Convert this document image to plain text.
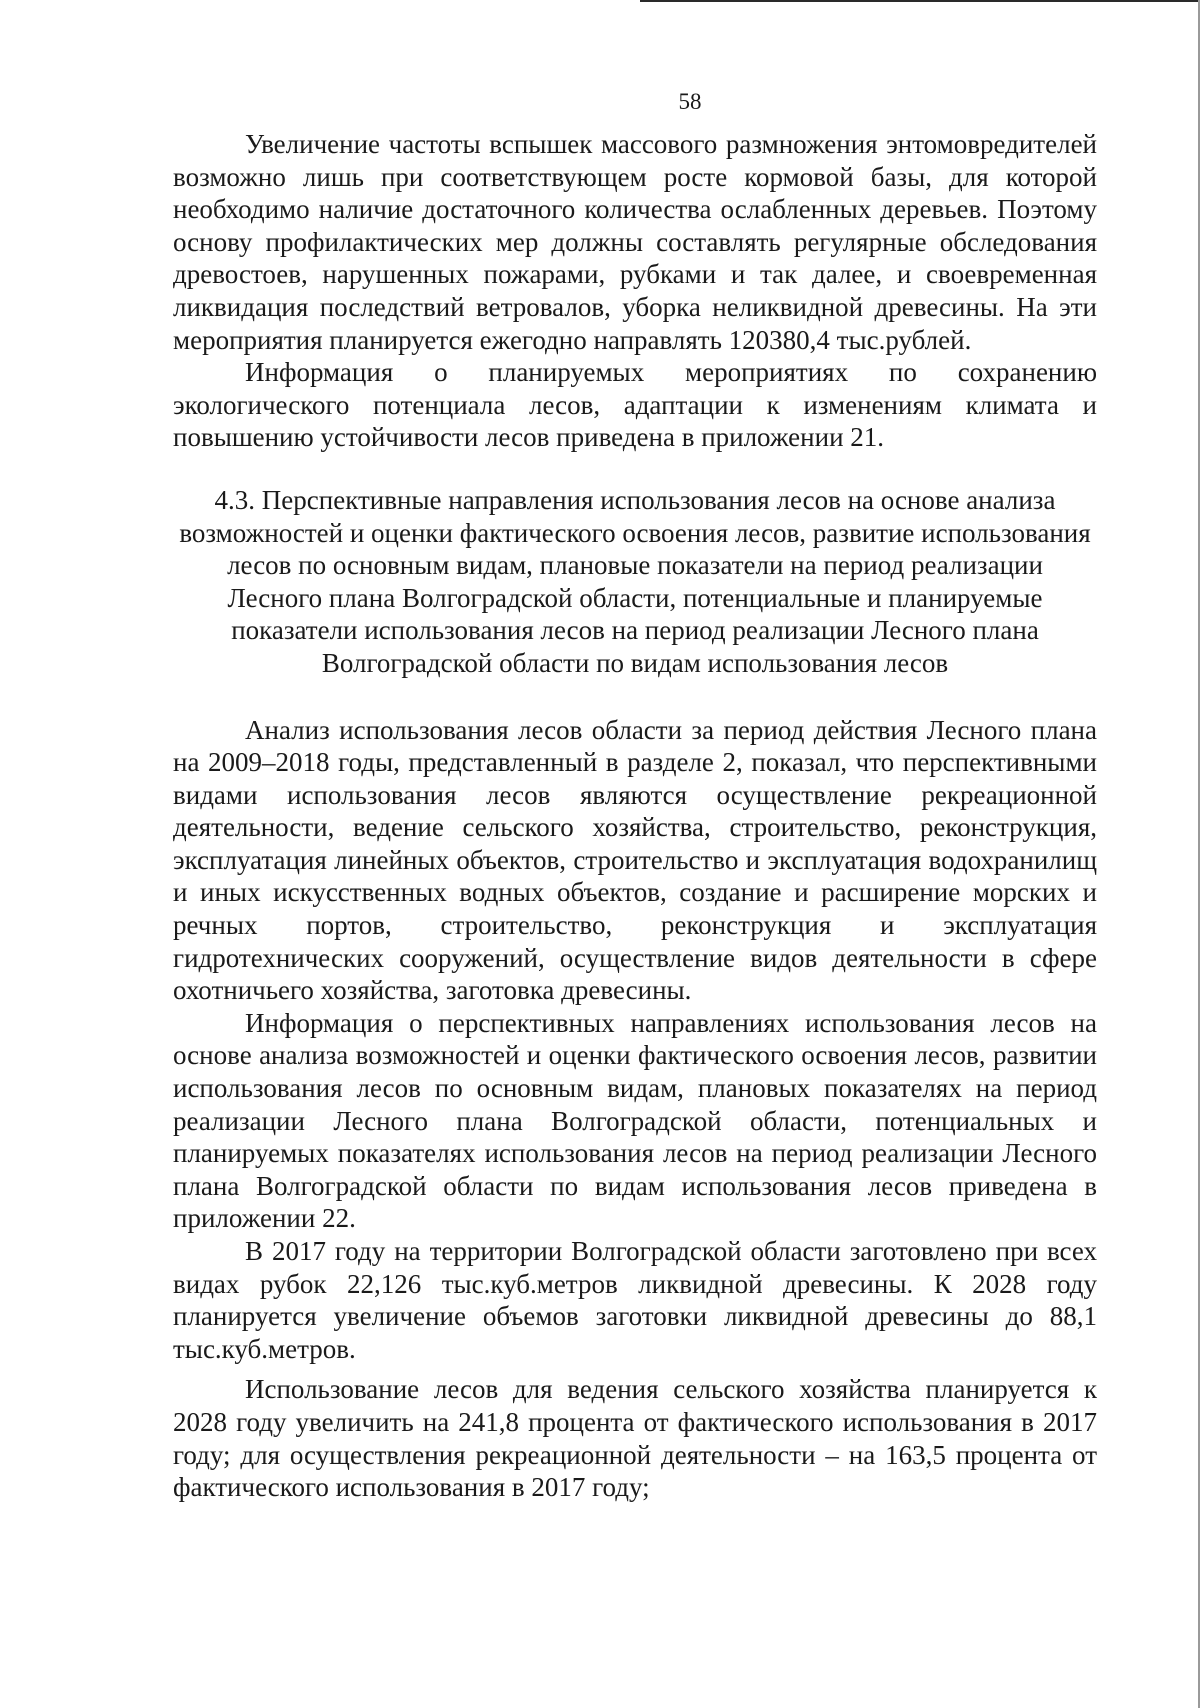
58

Увеличение частоты вспышек массового размножения энтомовредителей возможно лишь при соответствующем росте кормовой базы, для которой необходимо наличие достаточного количества ослабленных деревьев. Поэтому основу профилактических мер должны составлять регулярные обследования древостоев, нарушенных пожарами, рубками и так далее, и своевременная ликвидация последствий ветровалов, уборка неликвидной древесины. На эти мероприятия планируется ежегодно направлять 120380,4 тыс.рублей.

Информация о планируемых мероприятиях по сохранению экологического потенциала лесов, адаптации к изменениям климата и повышению устойчивости лесов приведена в приложении 21.

4.3. Перспективные направления использования лесов на основе анализа возможностей и оценки фактического освоения лесов, развитие использования лесов по основным видам, плановые показатели на период реализации Лесного плана Волгоградской области, потенциальные и планируемые показатели использования лесов на период реализации Лесного плана Волгоградской области по видам использования лесов

Анализ использования лесов области за период действия Лесного плана на 2009–2018 годы, представленный в разделе 2, показал, что перспективными видами использования лесов являются осуществление рекреационной деятельности, ведение сельского хозяйства, строительство, реконструкция, эксплуатация линейных объектов, строительство и эксплуатация водохранилищ и иных искусственных водных объектов, создание и расширение морских и речных портов, строительство, реконструкция и эксплуатация гидротехнических сооружений, осуществление видов деятельности в сфере охотничьего хозяйства, заготовка древесины.

Информация о перспективных направлениях использования лесов на основе анализа возможностей и оценки фактического освоения лесов, развитии использования лесов по основным видам, плановых показателях на период реализации Лесного плана Волгоградской области, потенциальных и планируемых показателях использования лесов на период реализации Лесного плана Волгоградской области по видам использования лесов приведена в приложении 22.

В 2017 году на территории Волгоградской области заготовлено при всех видах рубок 22,126 тыс.куб.метров ликвидной древесины. К 2028 году планируется увеличение объемов заготовки ликвидной древесины до 88,1 тыс.куб.метров.

Использование лесов для ведения сельского хозяйства планируется к 2028 году увеличить на 241,8 процента от фактического использования в 2017 году; для осуществления рекреационной деятельности – на 163,5 процента от фактического использования в 2017 году;
